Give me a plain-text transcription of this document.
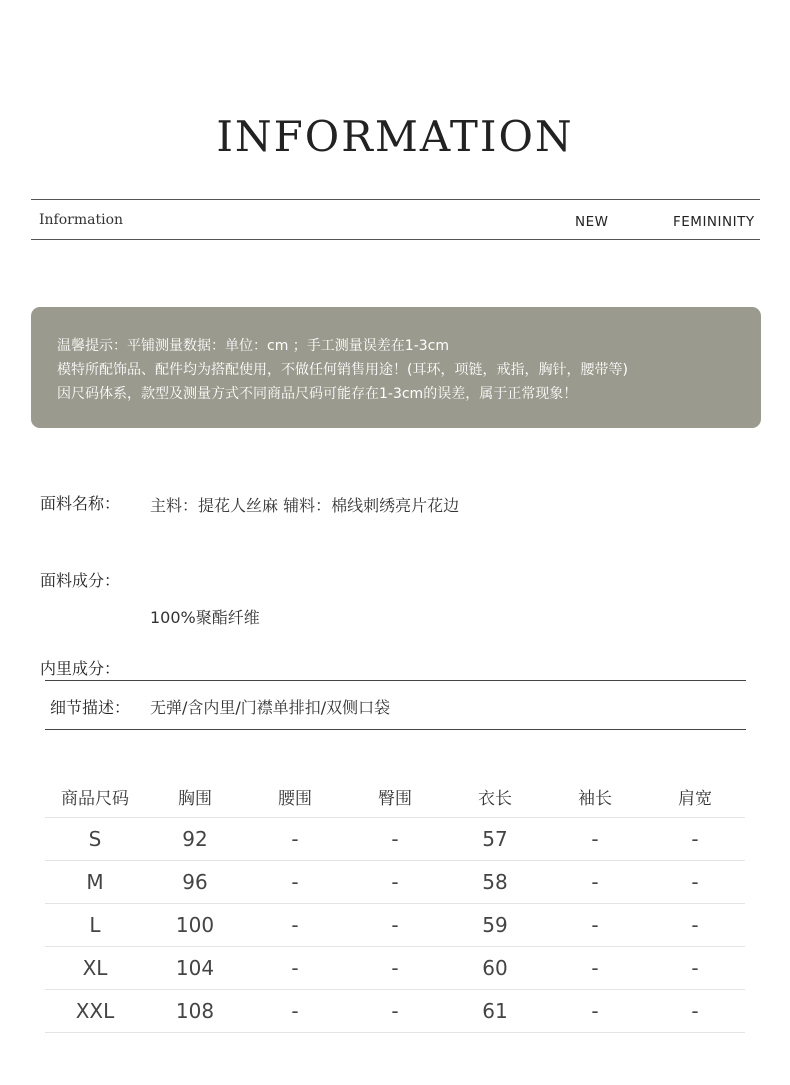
INFORMATION
Information	NEW	FEMININITY
温馨提示：平铺测量数据：单位：cm ；手工测量误差在1-3cm
模特所配饰品、配件均为搭配使用，不做任何销售用途！(耳环，项链，戒指，胸针，腰带等)
因尺码体系，款型及测量方式不同商品尺码可能存在1-3cm的误差，属于正常现象！
面料名称： 主料：提花人丝麻 辅料：棉线刺绣亮片花边
面料成分：
100%聚酯纤维
内里成分：
细节描述： 无弹/含内里/门襟单排扣/双侧口袋
商品尺码	胸围	腰围	臀围	衣长	袖长	肩宽
S	92	-	-	57	-	-
M	96	-	-	58	-	-
L	100	-	-	59	-	-
XL	104	-	-	60	-	-
XXL	108	-	-	61	-	-
